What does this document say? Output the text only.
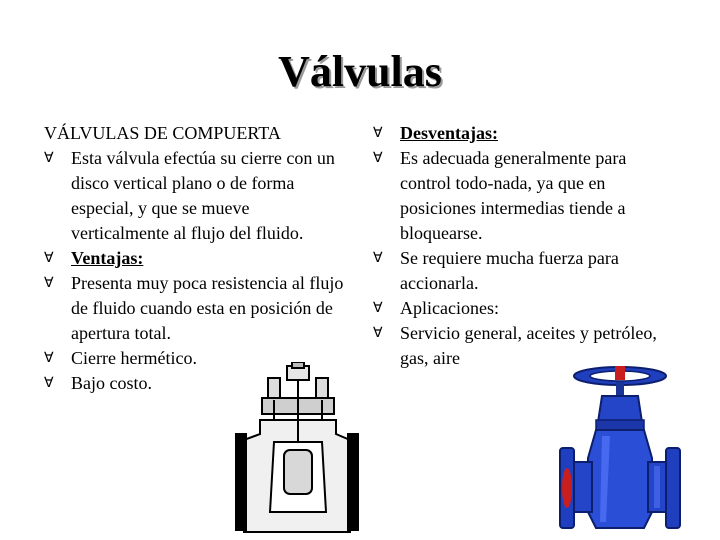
Válvulas
VÁLVULAS DE COMPUERTA
∀ Esta válvula efectúa su cierre con un disco vertical plano o de forma especial, y que se mueve verticalmente al flujo del fluido.
∀ Ventajas:
∀ Presenta muy poca resistencia al flujo de fluido cuando esta en posición de apertura total.
∀ Cierre hermético.
∀ Bajo costo.
∀ Desventajas:
∀ Es adecuada generalmente para control todo-nada, ya que en posiciones intermedias tiende a bloquearse.
∀ Se requiere mucha fuerza para accionarla.
∀ Aplicaciones:
∀ Servicio general, aceites y petróleo, gas, aire
